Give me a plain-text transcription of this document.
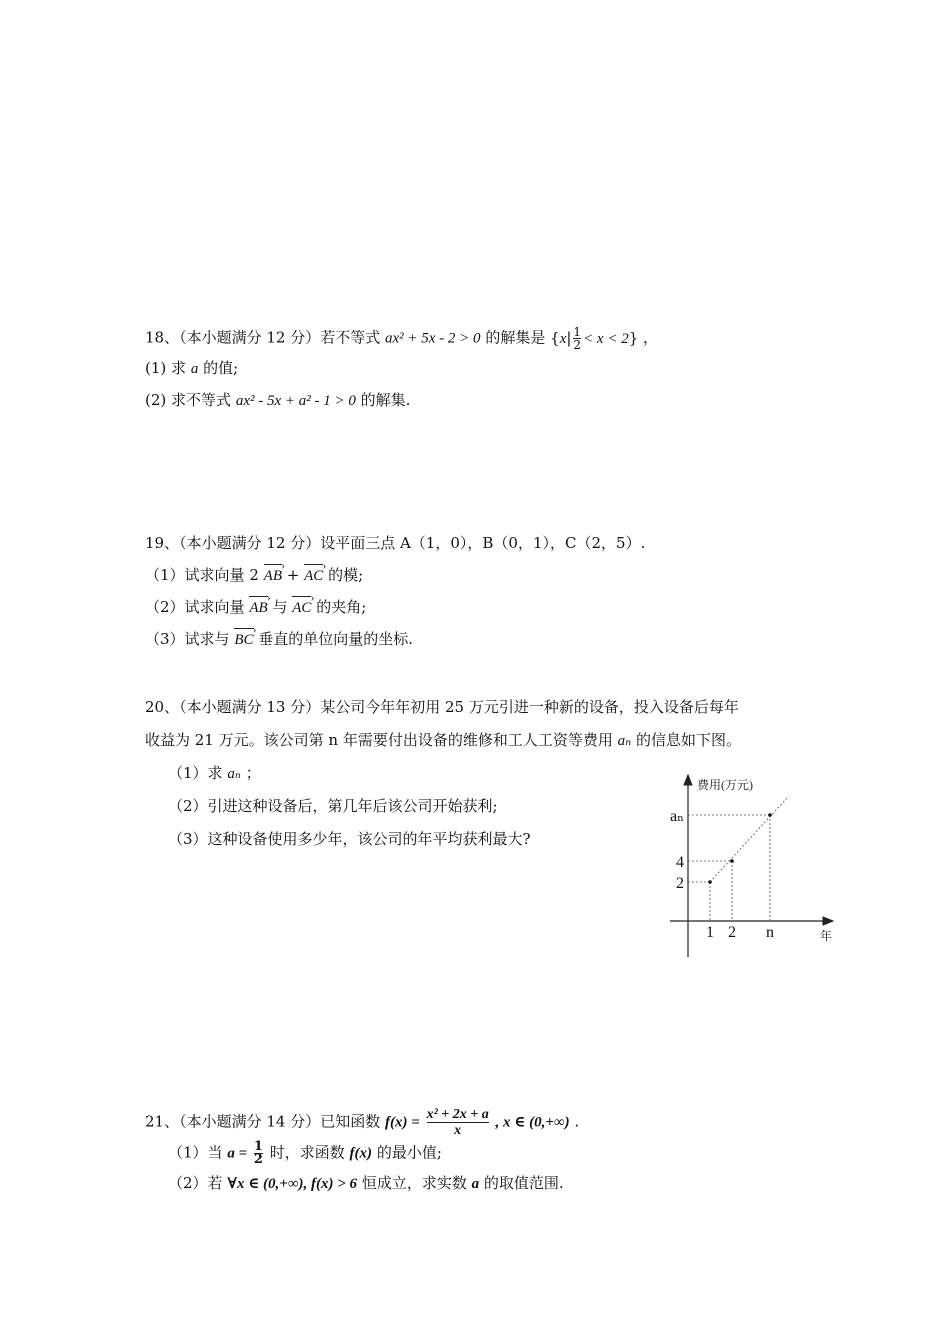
18、（本小题满分 12 分）若不等式 ax² + 5x - 2 > 0 的解集是 $\{x| \frac{1}{2} < x < 2\}$ ，
(1) 求 a 的值;
(2) 求不等式 ax² - 5x + a² - 1 > 0 的解集.
19、（本小题满分 12 分）设平面三点 A（1，0），B（0，1），C（2，5）.
（1）试求向量 2 AB › + AC › 的模;
（2）试求向量 AB › 与 AC › 的夹角;
（3）试求与 BC › 垂直的单位向量的坐标.
20、（本小题满分 13 分）某公司今年年初用 25 万元引进一种新的设备，投入设备后每年
收益为 21 万元。该公司第 n 年需要付出设备的维修和工人工资等费用 aₙ 的信息如下图。
（1）求 aₙ ；
（2）引进这种设备后，第几年后该公司开始获利;
（3）这种设备使用多少年，该公司的年平均获利最大?
1 2 n
2
4
aₙ
费用(万元)
年
21、（本小题满分 14 分）已知函数 $f(x) = \frac{\text{x² + 2x + a}}{x}$ , x ∈ (0,+∞) .
（1）当 $a = \frac{1}{2}$ 时，求函数 f(x) 的最小值;
（2）若 ∀x ∈ (0,+∞), f(x) > 6 恒成立，求实数 a 的取值范围.
